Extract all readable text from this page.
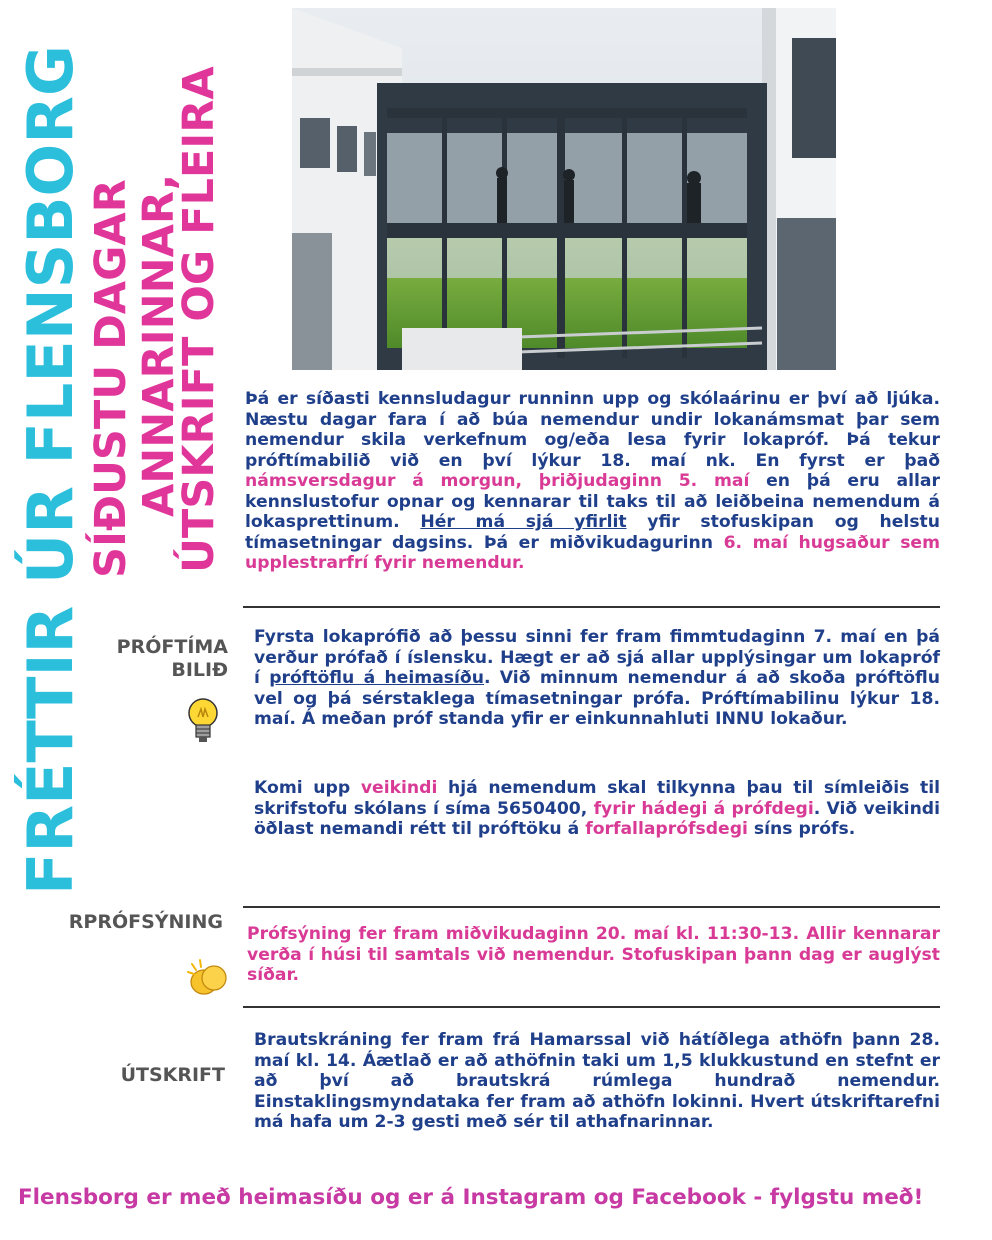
FRÉTTIR ÚR FLENSBORG SÍÐUSTU DAGAR
ANNARINNAR,
ÚTSKRIFT OG FLEIRA Þá er síðasti kennsludagur runninn upp og skólaárinu er því að ljúka. Næstu dagar fara í að búa nemendur undir lokanámsmat þar sem nemendur skila verkefnum og/eða lesa fyrir lokapróf. Þá tekur próftímabilið við en því lýkur 18. maí nk. En fyrst er það námsversdagur á morgun, þriðjudaginn 5. maí en þá eru allar kennslustofur opnar og kennarar til taks til að leiðbeina nemendum á lokasprettinum. Hér má sjá yfirlit yfir stofuskipan og helstu tímasetningar dagsins. Þá er miðvikudagurinn 6. maí hugsaður sem upplestrarfrí fyrir nemendur.
PRÓFTÍMA
BILIÐ
Fyrsta lokaprófið að þessu sinni fer fram fimmtudaginn 7. maí en þá verður prófað í íslensku. Hægt er að sjá allar upplýsingar um lokapróf í próftöflu á heimasíðu. Við minnum nemendur á að skoða próftöflu vel og þá sérstaklega tímasetningar prófa. Próftímabilinu lýkur 18. maí. Á meðan próf standa yfir er einkunnahluti INNU lokaður.
Komi upp veikindi hjá nemendum skal tilkynna þau til símleiðis til skrifstofu skólans í síma 5650400, fyrir hádegi á prófdegi. Við veikindi öðlast nemandi rétt til próftöku á forfallaprófsdegi síns prófs.
RPRÓFSÝNING
Prófsýning fer fram miðvikudaginn 20. maí kl. 11:30-13. Allir kennarar verða í húsi til samtals við nemendur. Stofuskipan þann dag er auglýst síðar.
ÚTSKRIFT
Brautskráning fer fram frá Hamarssal við hátíðlega athöfn þann 28. maí kl. 14. Áætlað er að athöfnin taki um 1,5 klukkustund en stefnt er að því að brautskrá rúmlega hundrað nemendur. Einstaklingsmyndataka fer fram að athöfn lokinni. Hvert útskriftarefni má hafa um 2-3 gesti með sér til athafnarinnar.
Flensborg er með heimasíðu og er á Instagram og Facebook - fylgstu með!
